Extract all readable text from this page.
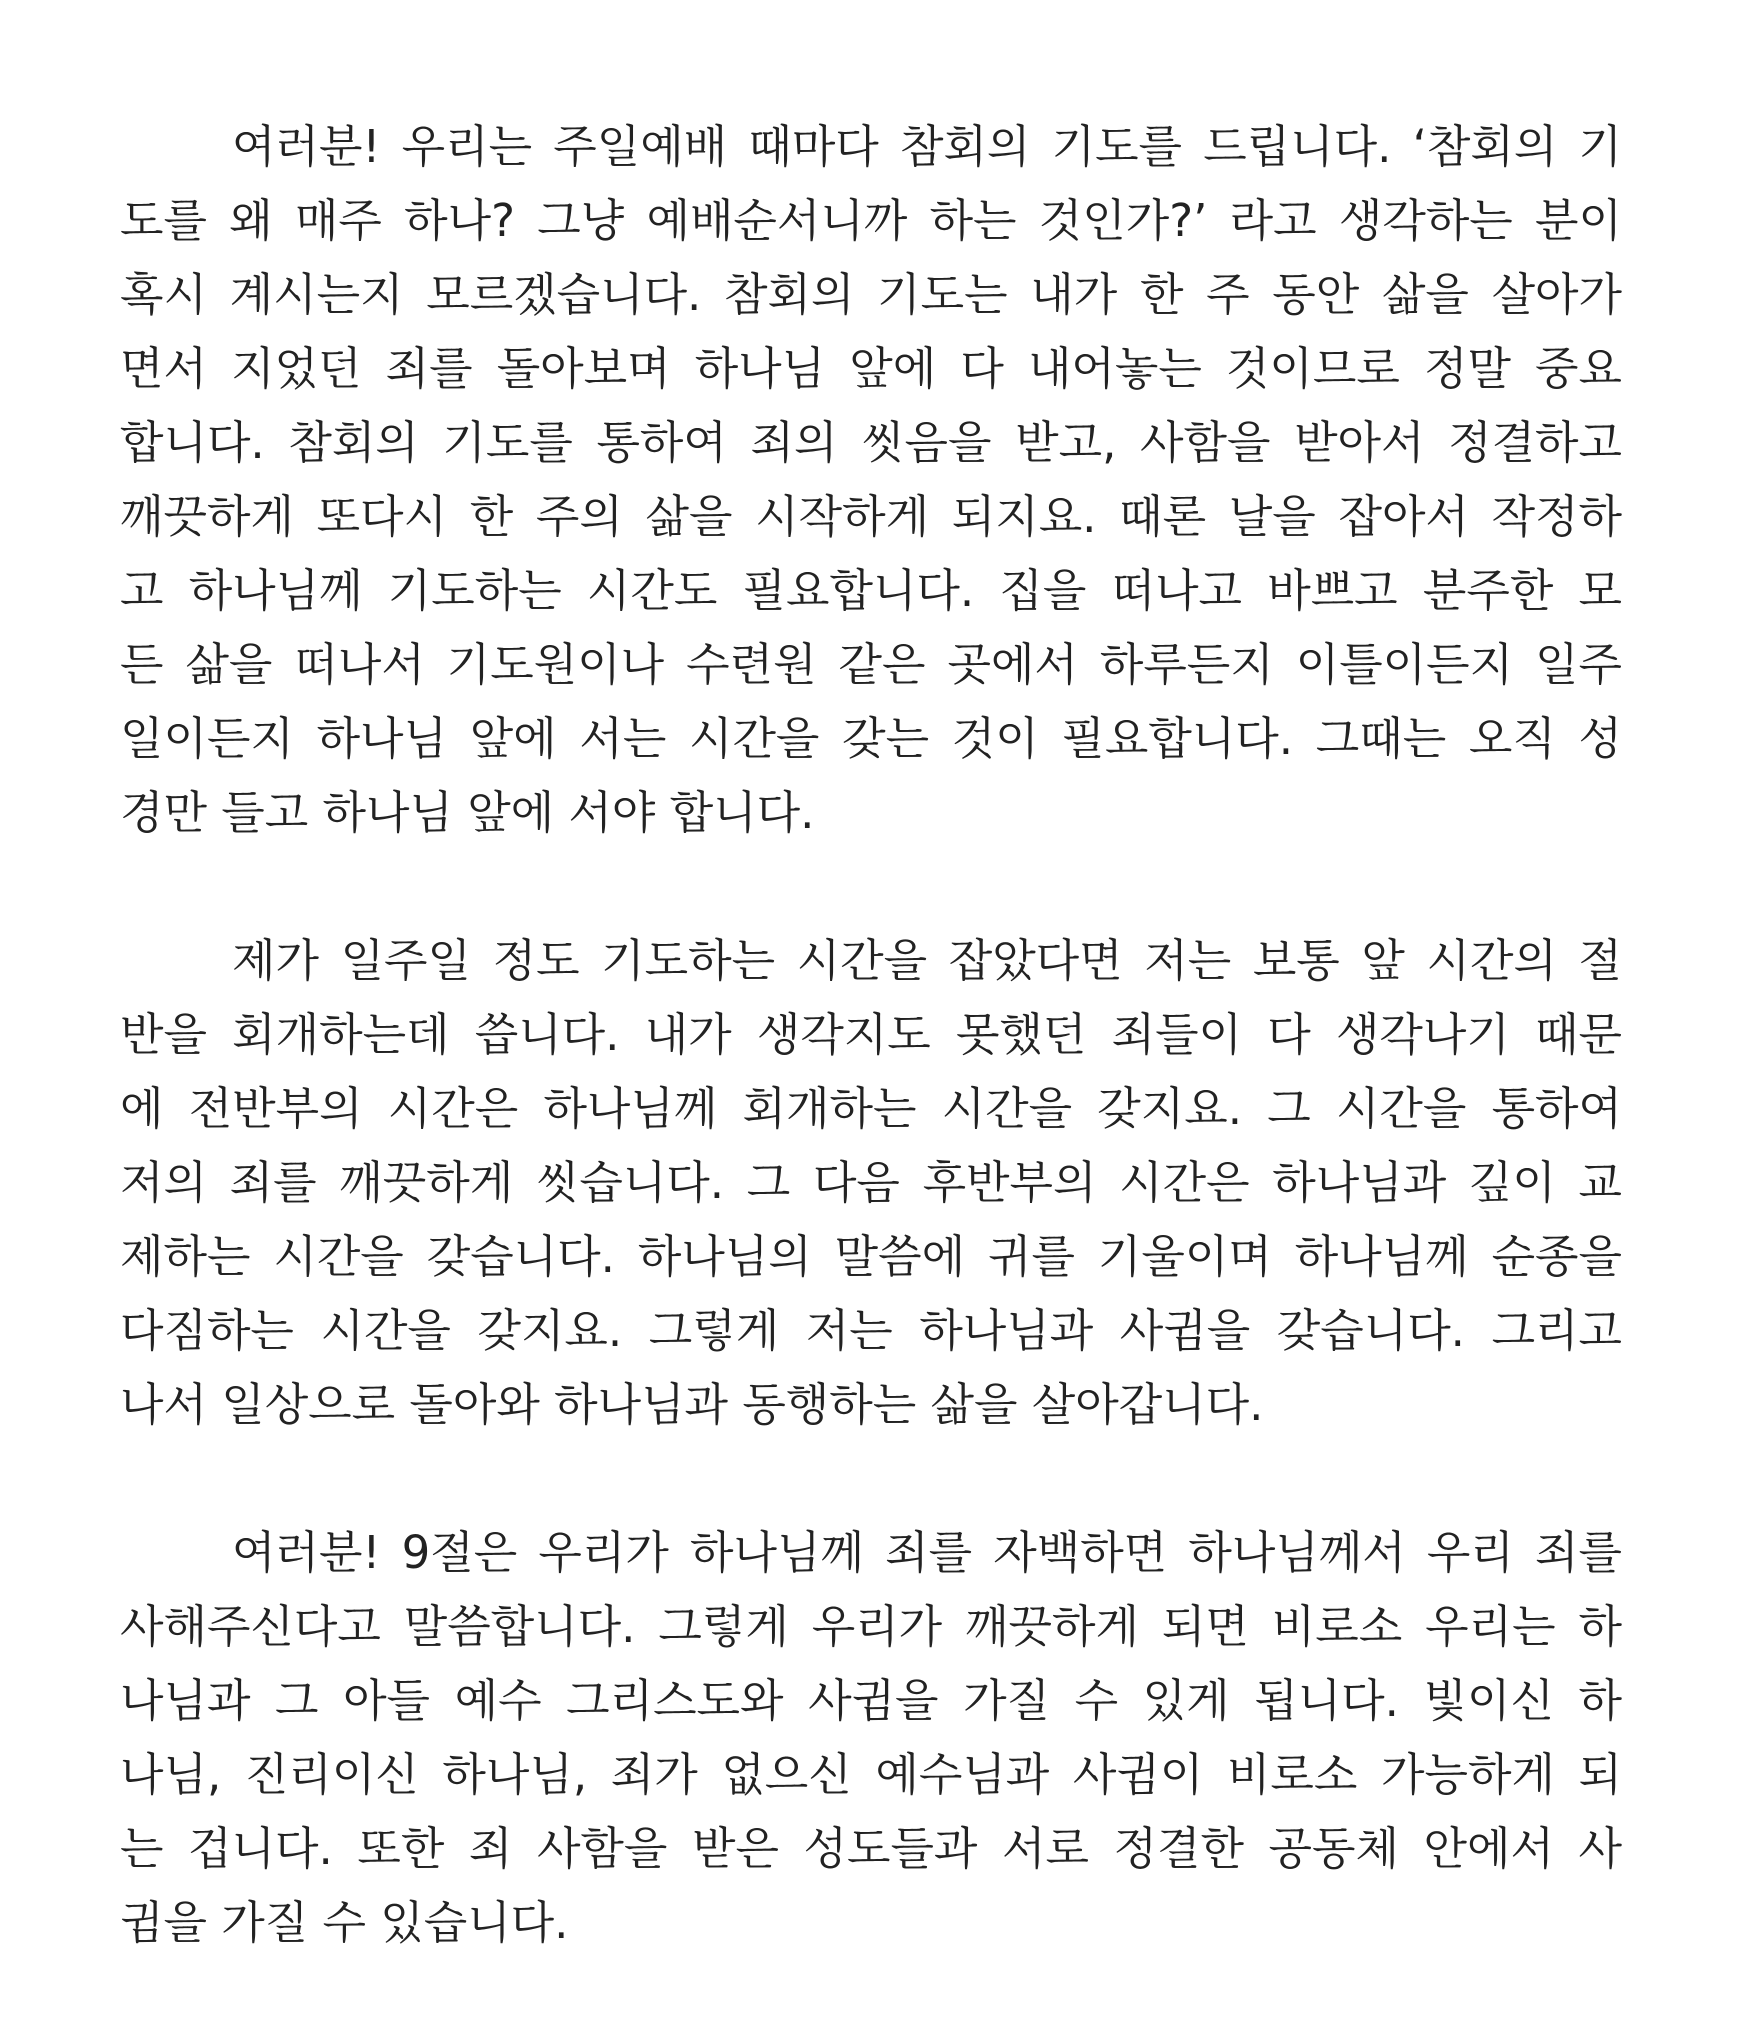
여러분! 우리는 주일예배 때마다 참회의 기도를 드립니다. ‘참회의 기
도를 왜 매주 하나? 그냥 예배순서니까 하는 것인가?’ 라고 생각하는 분이
혹시 계시는지 모르겠습니다. 참회의 기도는 내가 한 주 동안 삶을 살아가
면서 지었던 죄를 돌아보며 하나님 앞에 다 내어놓는 것이므로 정말 중요
합니다. 참회의 기도를 통하여 죄의 씻음을 받고, 사함을 받아서 정결하고
깨끗하게 또다시 한 주의 삶을 시작하게 되지요. 때론 날을 잡아서 작정하
고 하나님께 기도하는 시간도 필요합니다. 집을 떠나고 바쁘고 분주한 모
든 삶을 떠나서 기도원이나 수련원 같은 곳에서 하루든지 이틀이든지 일주
일이든지 하나님 앞에 서는 시간을 갖는 것이 필요합니다. 그때는 오직 성
경만 들고 하나님 앞에 서야 합니다.
제가 일주일 정도 기도하는 시간을 잡았다면 저는 보통 앞 시간의 절
반을 회개하는데 씁니다. 내가 생각지도 못했던 죄들이 다 생각나기 때문
에 전반부의 시간은 하나님께 회개하는 시간을 갖지요. 그 시간을 통하여
저의 죄를 깨끗하게 씻습니다. 그 다음 후반부의 시간은 하나님과 깊이 교
제하는 시간을 갖습니다. 하나님의 말씀에 귀를 기울이며 하나님께 순종을
다짐하는 시간을 갖지요. 그렇게 저는 하나님과 사귐을 갖습니다. 그리고
나서 일상으로 돌아와 하나님과 동행하는 삶을 살아갑니다.
여러분! 9절은 우리가 하나님께 죄를 자백하면 하나님께서 우리 죄를
사해주신다고 말씀합니다. 그렇게 우리가 깨끗하게 되면 비로소 우리는 하
나님과 그 아들 예수 그리스도와 사귐을 가질 수 있게 됩니다. 빛이신 하
나님, 진리이신 하나님, 죄가 없으신 예수님과 사귐이 비로소 가능하게 되
는 겁니다. 또한 죄 사함을 받은 성도들과 서로 정결한 공동체 안에서 사
귐을 가질 수 있습니다.
